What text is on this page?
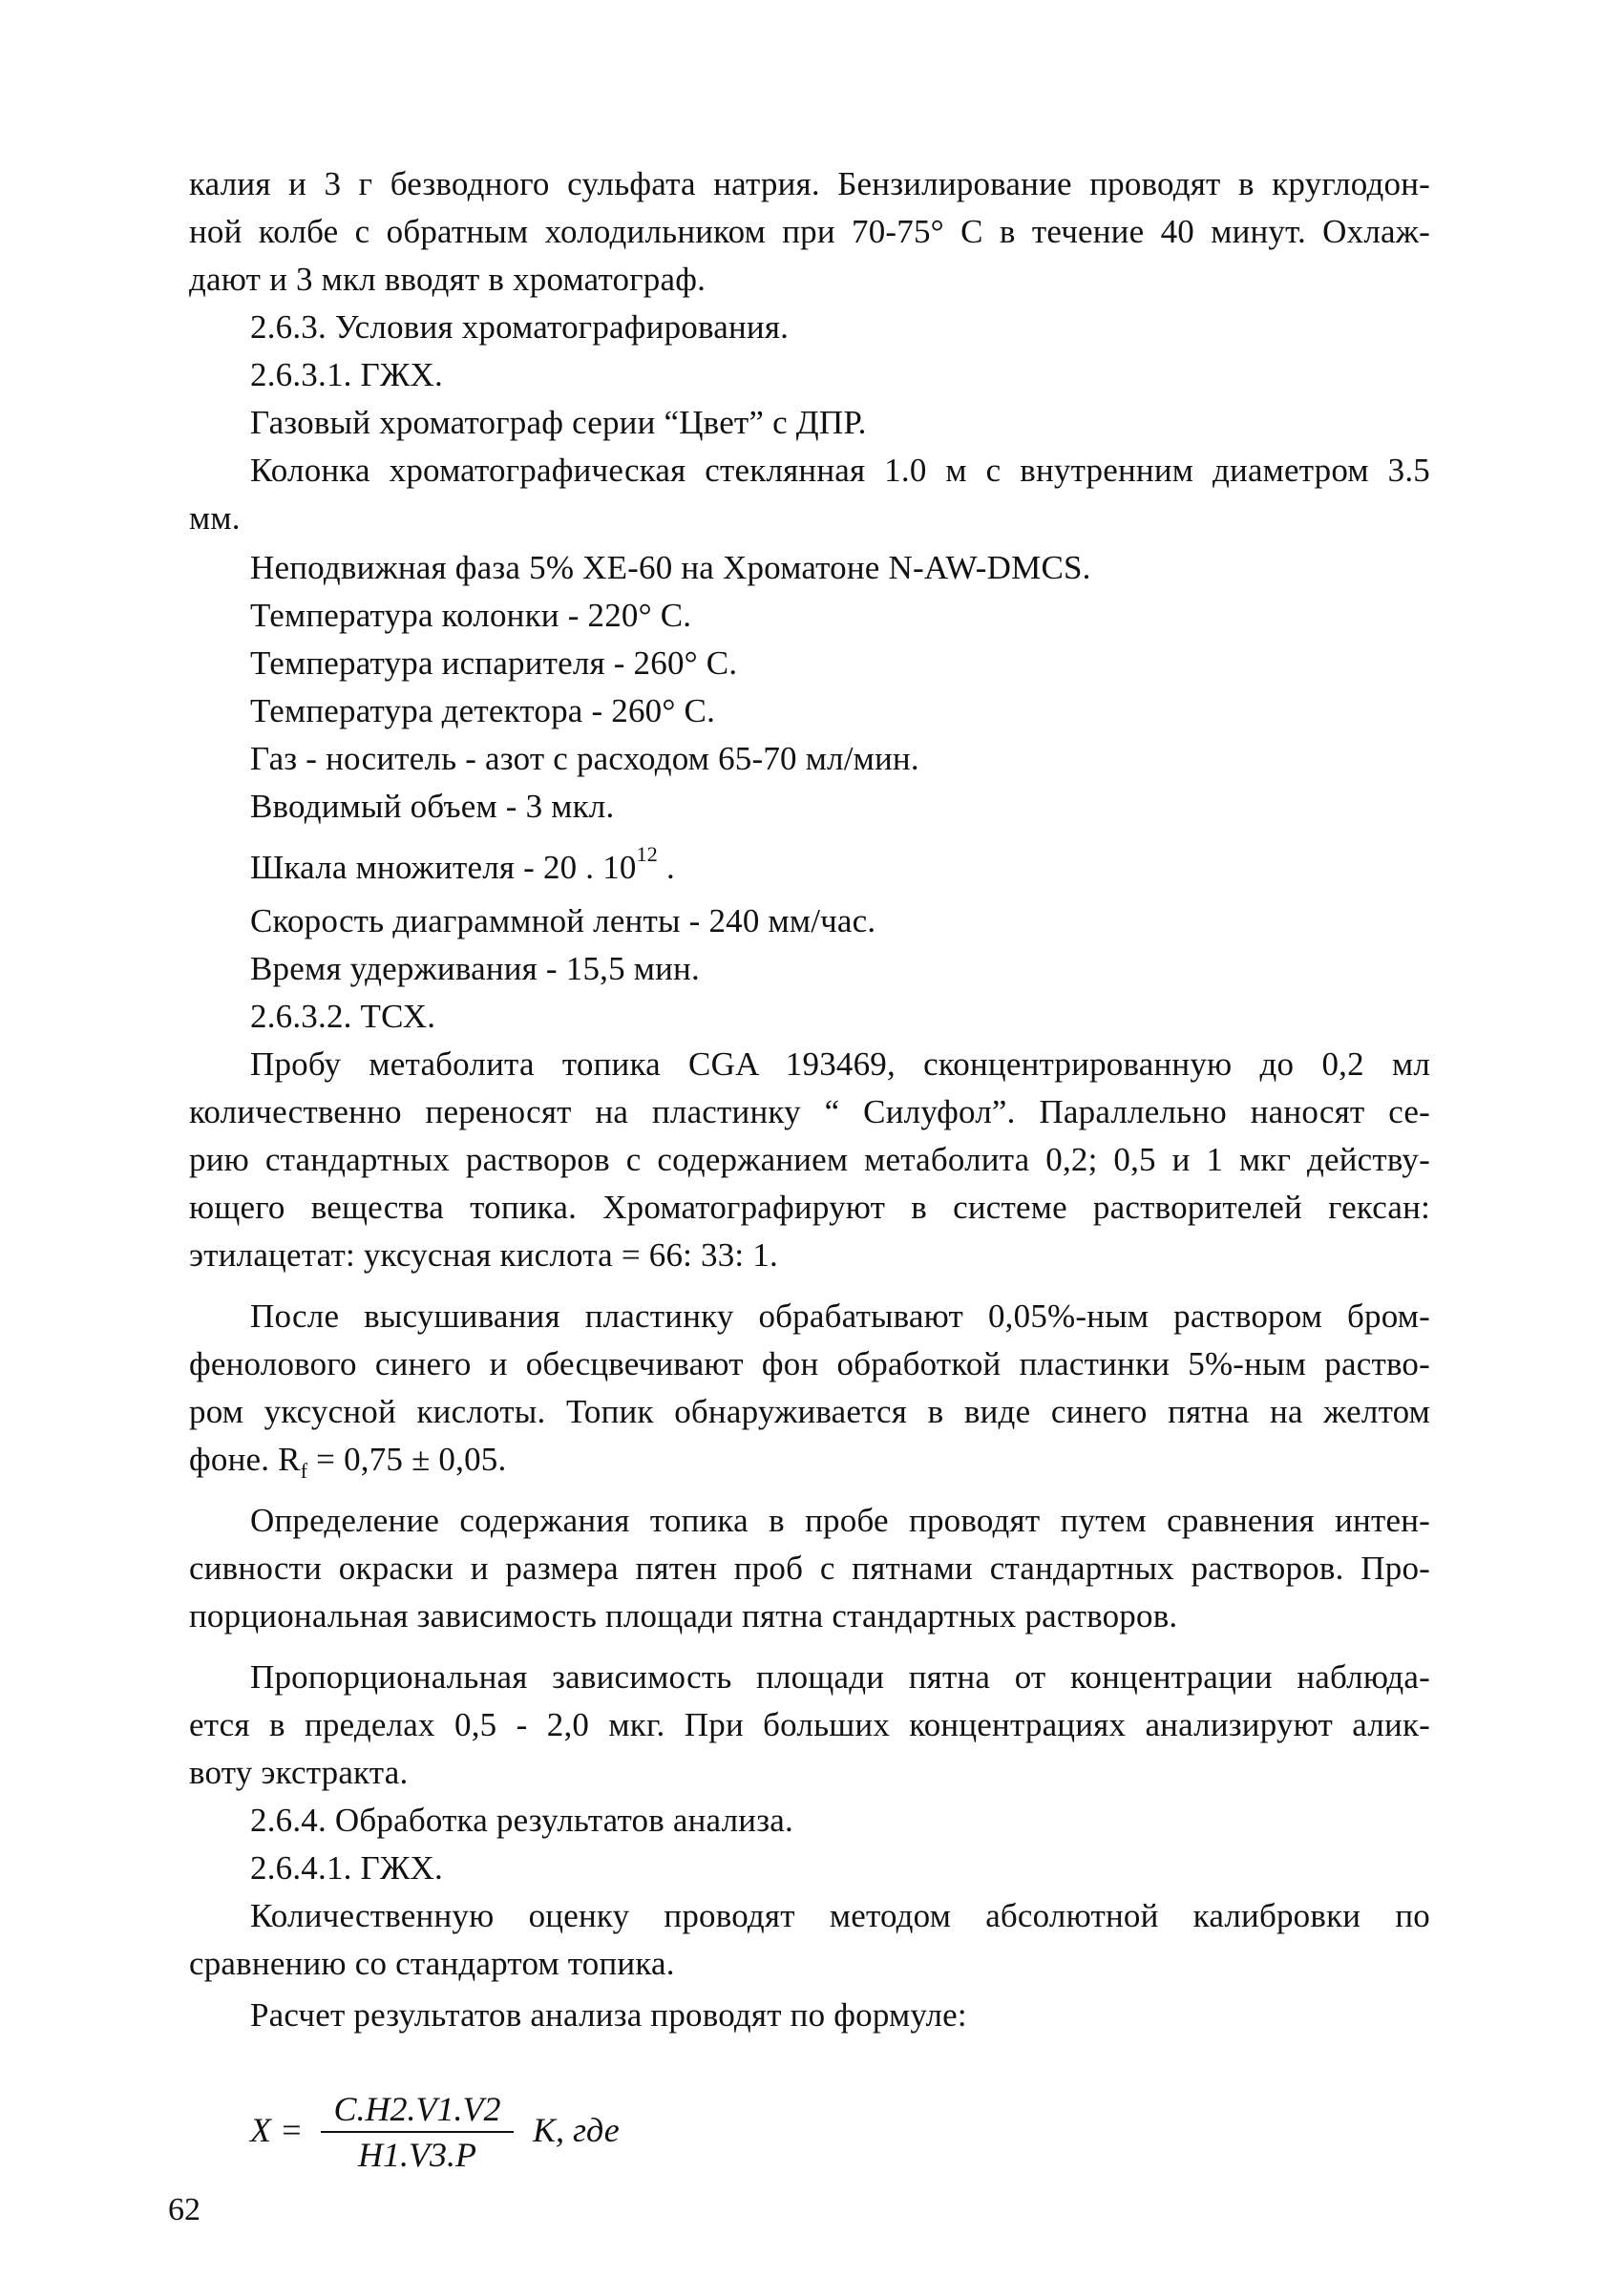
калия и 3 г безводного сульфата натрия. Бензилирование проводят в круглодон-
ной колбе с обратным холодильником при 70-75° С в течение 40 минут. Охлаж-
дают и 3 мкл вводят в хроматограф.
2.6.3. Условия хроматографирования.
2.6.3.1. ГЖХ.
Газовый хроматограф серии “Цвет” с ДПР.
Колонка хроматографическая стеклянная 1.0 м с внутренним диаметром 3.5
мм.
Неподвижная фаза 5% XE-60 на Хроматоне N-AW-DMCS.
Температура колонки - 220° С.
Температура испарителя - 260° С.
Температура детектора - 260° С.
Газ - носитель - азот с расходом 65-70 мл/мин.
Вводимый объем - 3 мкл.
Шкала множителя - 20 . $10^{12}$ .
Скорость диаграммной ленты - 240 мм/час.
Время удерживания - 15,5 мин.
2.6.3.2. ТСХ.
Пробу метаболита топика CGA 193469, сконцентрированную до 0,2 мл
количественно переносят на пластинку “ Силуфол”. Параллельно наносят се-
рию стандартных растворов с содержанием метаболита 0,2; 0,5 и 1 мкг действу-
ющего вещества топика. Хроматографируют в системе растворителей гексан:
этилацетат: уксусная кислота = 66: 33: 1.
После высушивания пластинку обрабатывают 0,05%-ным раствором бром-
фенолового синего и обесцвечивают фон обработкой пластинки 5%-ным раство-
ром уксусной кислоты. Топик обнаруживается в виде синего пятна на желтом
фоне. $R_f = 0,75 \pm 0,05$.
Определение содержания топика в пробе проводят путем сравнения интен-
сивности окраски и размера пятен проб с пятнами стандартных растворов. Про-
порциональная зависимость площади пятна стандартных растворов.
Пропорциональная зависимость площади пятна от концентрации наблюда-
ется в пределах 0,5 - 2,0 мкг. При больших концентрациях анализируют алик-
воту экстракта.
2.6.4. Обработка результатов анализа.
2.6.4.1. ГЖХ.
Количественную оценку проводят методом абсолютной калибровки по
сравнению со стандартом топика.
Расчет результатов анализа проводят по формуле:
X =
C.H2.V1.V2
H1.V3.P
K, где
62
